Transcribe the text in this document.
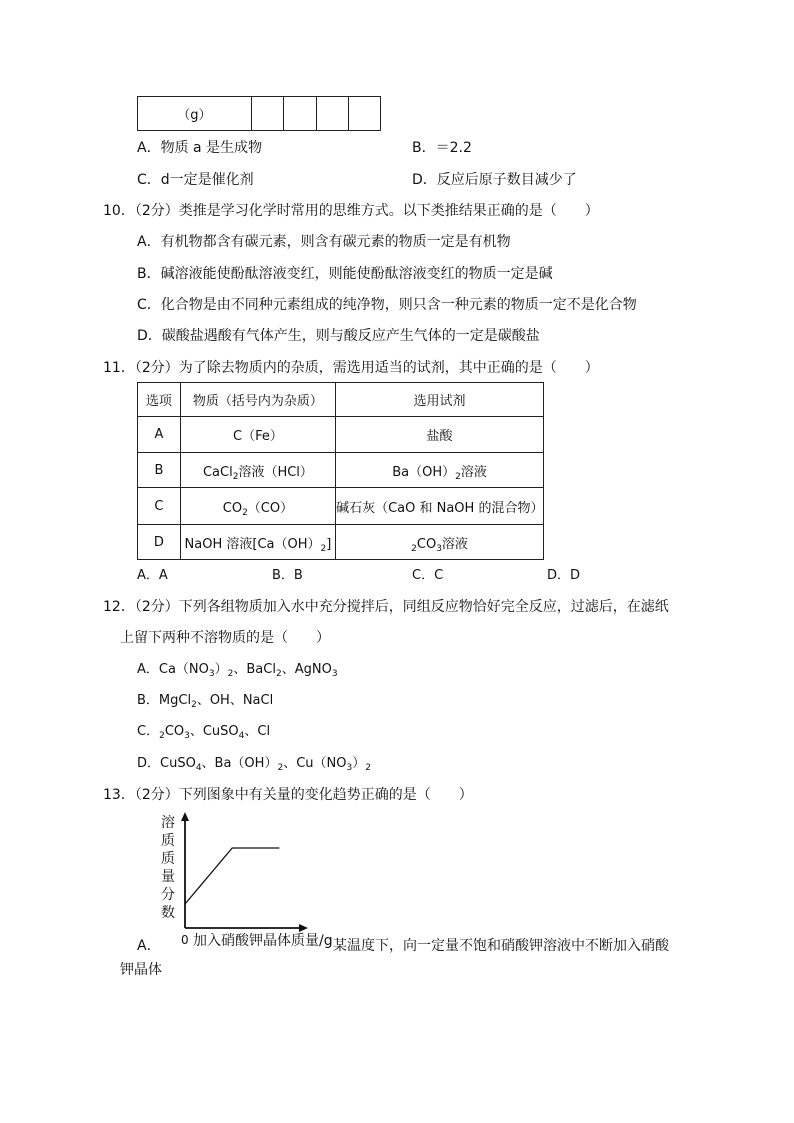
（g）				
A．物质 a 是生成物	B．＝2.2
C．d一定是催化剂	D．反应后原子数目减少了
10．（2分）类推是学习化学时常用的思维方式。以下类推结果正确的是（　　）
A．有机物都含有碳元素，则含有碳元素的物质一定是有机物
B．碱溶液能使酚酞溶液变红，则能使酚酞溶液变红的物质一定是碱
C．化合物是由不同种元素组成的纯净物，则只含一种元素的物质一定不是化合物
D．碳酸盐遇酸有气体产生，则与酸反应产生气体的一定是碳酸盐
11．（2分）为了除去物质内的杂质，需选用适当的试剂，其中正确的是（　　）
选项	物质（括号内为杂质）	选用试剂
A	C（Fe）	盐酸
B	CaCl$_2$溶液（HCl）	$Ba(OH)_2$溶液
C	$CO_2(CO)$	碱石灰（CaO 和 NaOH 的混合物）
D	NaOH 溶液$[Ca(OH)_2]$	$_2CO_3$溶液
A．A	B．B	C．C	D．D
12．（2分）下列各组物质加入水中充分搅拌后，同组反应物恰好完全反应，过滤后，在滤纸
上留下两种不溶物质的是（　　）
A．$Ca(NO_3)_2$、BaCl$_2$、AgNO$_3$
B．MgCl$_2$、OH、NaCl
C．$_2CO_3$、CuSO$_4$、Cl
D．CuSO$_4$、$Ba(OH)_2$、$Cu(NO_3)_2$
13．（2分）下列图象中有关量的变化趋势正确的是（　　）
溶
质
质
量
分
数
0 加入硝酸钾晶体质量/g
A．	某温度下，向一定量不饱和硝酸钾溶液中不断加入硝酸
钾晶体
